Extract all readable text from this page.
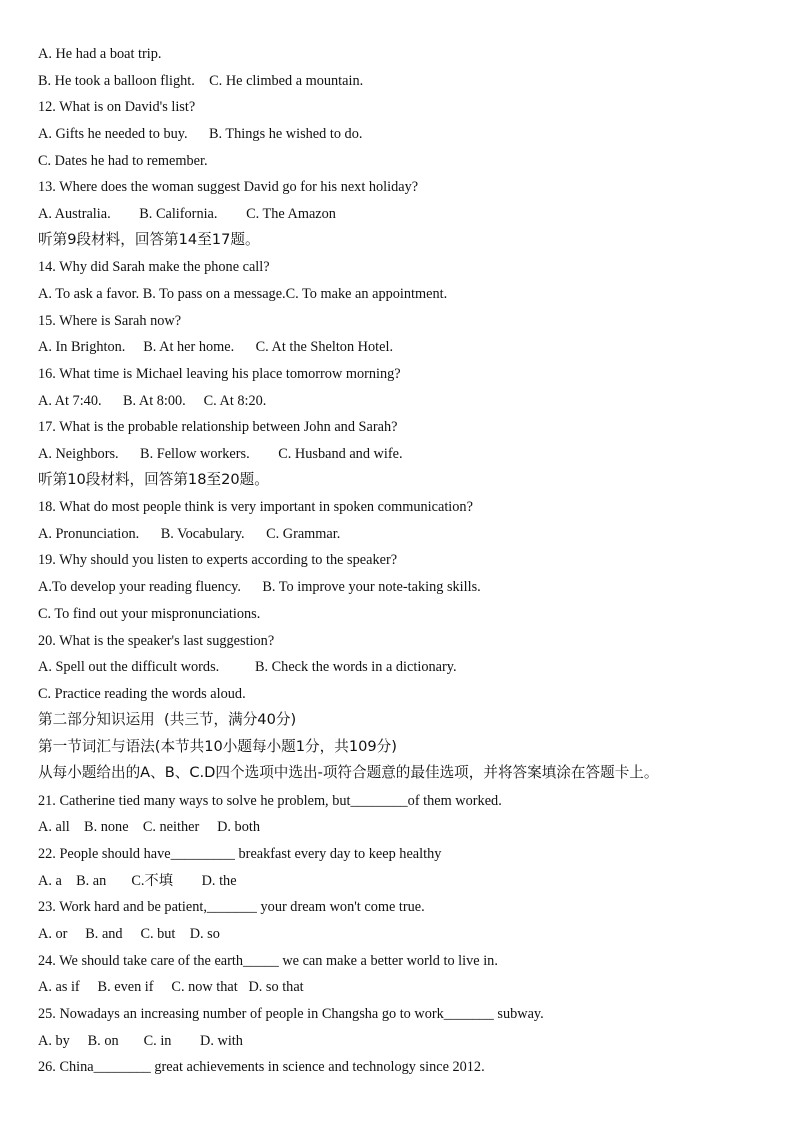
A. He had a boat trip.
B. He took a balloon flight.    C. He climbed a mountain.
12. What is on David's list?
A. Gifts he needed to buy.      B. Things he wished to do.
C. Dates he had to remember.
13. Where does the woman suggest David go for his next holiday?
A. Australia.        B. California.        C. The Amazon
听第9段材料，回答第14至17题。
14. Why did Sarah make the phone call?
A. To ask a favor. B. To pass on a message.C. To make an appointment.
15. Where is Sarah now?
A. In Brighton.     B. At her home.      C. At the Shelton Hotel.
16. What time is Michael leaving his place tomorrow morning?
A. At 7:40.      B. At 8:00.     C. At 8:20.
17. What is the probable relationship between John and Sarah?
A. Neighbors.      B. Fellow workers.        C. Husband and wife.
听第10段材料，回答第18至20题。
18. What do most people think is very important in spoken communication?
A. Pronunciation.      B. Vocabulary.      C. Grammar.
19. Why should you listen to experts according to the speaker?
A.To develop your reading fluency.      B. To improve your note-taking skills.
C. To find out your mispronunciations.
20. What is the speaker's last suggestion?
A. Spell out the difficult words.          B. Check the words in a dictionary.
C. Practice reading the words aloud.
第二部分知识运用  (共三节，满分40分)
第一节词汇与语法(本节共10小题每小题1分，共109分)
从每小题给出的A、B、C.D四个选项中选出-项符合题意的最佳选项，并将答案填涂在答题卡上。
21. Catherine tied many ways to solve he problem, but________of them worked.
A. all    B. none    C. neither     D. both
22. People should have_________ breakfast every day to keep healthy
A. a    B. an       C.不填        D. the
23. Work hard and be patient,_______ your dream won't come true.
A. or     B. and     C. but    D. so
24. We should take care of the earth_____ we can make a better world to live in.
A. as if     B. even if     C. now that   D. so that
25. Nowadays an increasing number of people in Changsha go to work_______ subway.
A. by     B. on       C. in        D. with
26. China________ great achievements in science and technology since 2012.
